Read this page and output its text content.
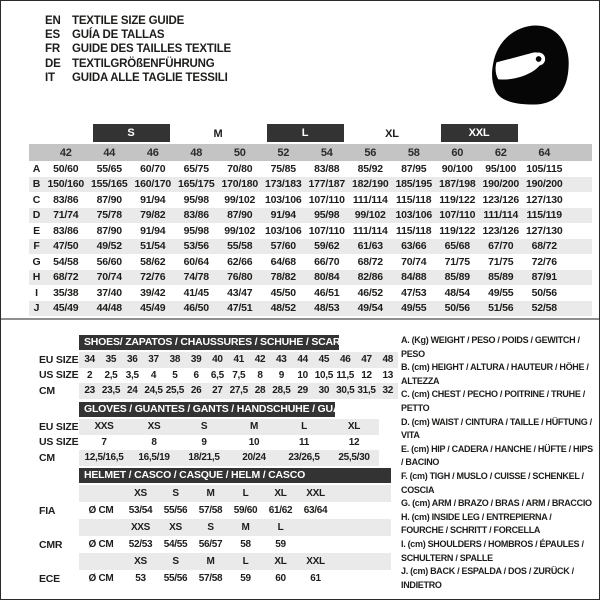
EN TEXTILE SIZE GUIDE
ES	GUÍA DE TALLAS
FR	GUIDE DES TAILLES TEXTILE
DE TEXTILGRÖßENFÜHRUNG
IT	GUIDA ALLE TAGLIE TESSILI

		S		M		L		XL		XXL			

	42	44	46	48	50	52	54	56	58	60	62	64	
A	50/60	55/65	60/70	65/75	70/80	75/85	83/88	85/92	87/95	90/100	95/100	105/115	
B	150/160	155/165	160/170	165/175	170/180	173/183	177/187	182/190	185/195	187/198	190/200	190/200	
C	83/86	87/90	91/94	95/98	99/102	103/106	107/110	111/114	115/118	119/122	123/126	127/130	
D	71/74	75/78	79/82	83/86	87/90	91/94	95/98	99/102	103/106	107/110	111/114	115/119	
E	83/86	87/90	91/94	95/98	99/102	103/106	107/110	111/114	115/118	119/122	123/126	127/130	
F	47/50	49/52	51/54	53/56	55/58	57/60	59/62	61/63	63/66	65/68	67/70	68/72	
G	54/58	56/60	58/62	60/64	62/66	64/68	66/70	68/72	70/74	71/75	71/75	72/76	
H	68/72	70/74	72/76	74/78	76/80	78/82	80/84	82/86	84/88	85/89	85/89	87/91	
I	35/38	37/40	39/42	41/45	43/47	45/50	46/51	46/52	47/53	48/54	49/55	50/56	
J	45/49	44/48	45/49	46/50	47/51	48/52	48/53	49/54	49/55	50/56	51/56	52/58	

	SHOES/ ZAPATOS / CHAUSSURES / SCHUHE / SCARPE														

EU SIZE	34	35	36	37	38	39	40	41	42	43	44	45	46	47	48
US SIZE	2	2,5	3,5	4	5	6	6,5	7,5	8	9	10	10,5	11,5	12	13
CM	23	23,5	24	24,5	25,5	26	27	27,5	28	28,5	29	30	30,5	31,5	32

	GLOVES / GUANTES / GANTS / HANDSCHUHE / GUANTI					

EU SIZE	XXS	XS	S	M	L	XL
US SIZE	7	8	9	10	11	12
CM	12,5/16,5	16,5/19	18/21,5	20/24	23/26,5	25,5/30

	HELMET / CASCO / CASQUE / HELM / CASCO							

		XS	S	M	L	XL	XXL	
FIA	Ø CM	53/54	55/56	57/58	59/60	61/62	63/64	
		XXS	XS	S	M	L		
CMR	Ø CM	52/53	54/55	56/57	58	59		
		XS	S	M	L	XL	XXL	
ECE	Ø CM	53	55/56	57/58	59	60	61	
A. (Kg) WEIGHT / PESO / POIDS / GEWITCH / PESO
B. (cm) HEIGHT / ALTURA / HAUTEUR / HÖHE / ALTEZZA
C. (cm) CHEST / PECHO / POITRINE / TRUHE / PETTO
D. (cm) WAIST / CINTURA / TAILLE / HÜFTUNG / VITA
E. (cm) HIP / CADERA / HANCHE / HÜFTE / HIPS / BACINO
F. (cm) TIGH / MUSLO / CUISSE / SCHENKEL / COSCIA
G. (cm) ARM / BRAZO / BRAS / ARM / BRACCIO
H. (cm) INSIDE LEG / ENTREPIERNA / FOURCHE / SCHRITT / FORCELLA
I. (cm) SHOULDERS / HOMBROS / ÉPAULES / SCHULTERN / SPALLE
J. (cm) BACK / ESPALDA / DOS / ZURÜCK / INDIETRO
